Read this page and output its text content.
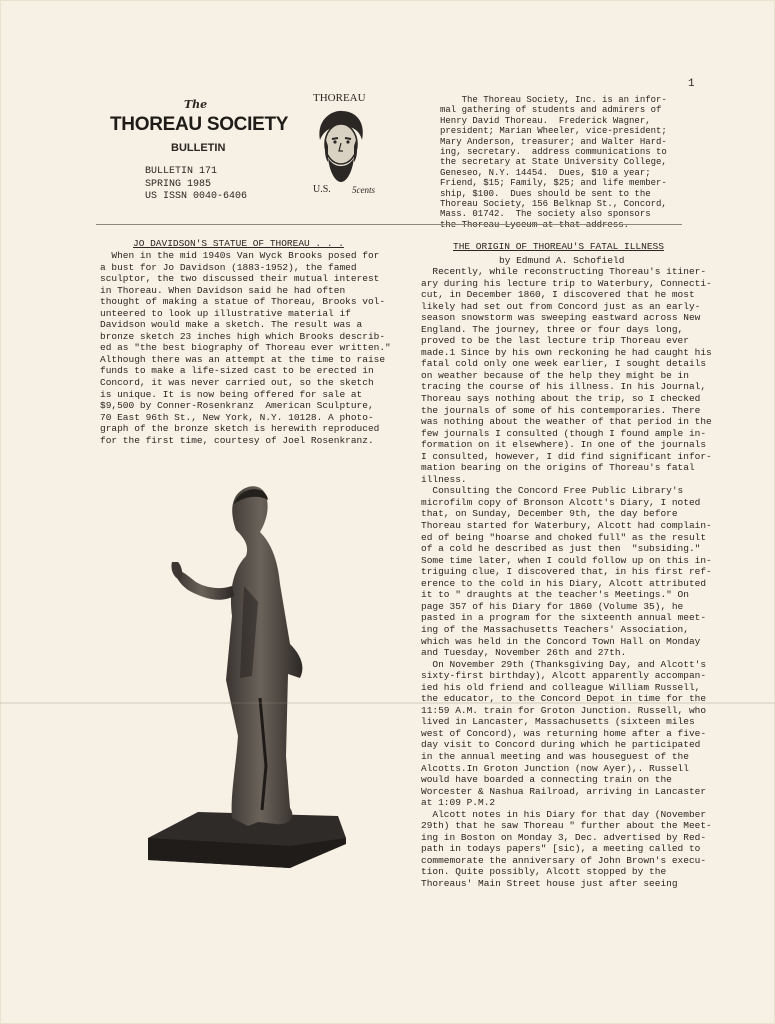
1
The
THOREAU SOCIETY
BULLETIN
BULLETIN 171
SPRING 1985
US ISSN 0040-6406
THOREAU
U.S. 5cents
The Thoreau Society, Inc. is an infor-
mal gathering of students and admirers of
Henry David Thoreau.  Frederick Wagner,
president; Marian Wheeler, vice-president;
Mary Anderson, treasurer; and Walter Hard-
ing, secretary.  address communications to
the secretary at State University College,
Geneseo, N.Y. 14454.  Dues, $10 a year;
Friend, $15; Family, $25; and life member-
ship, $100.  Dues should be sent to the
Thoreau Society, 156 Belknap St., Concord,
Mass. 01742.  The society also sponsors
JO DAVIDSON'S STATUE OF THOREAU . . .
When in the mid 1940s Van Wyck Brooks posed for
a bust for Jo Davidson (1883-1952), the famed
sculptor, the two discussed their mutual interest
in Thoreau. When Davidson said he had often
thought of making a statue of Thoreau, Brooks vol-
unteered to look up illustrative material if
Davidson would make a sketch. The result was a
bronze sketch 23 inches high which Brooks describ-
ed as "the best biography of Thoreau ever written."
Although there was an attempt at the time to raise
funds to make a life-sized cast to be erected in
Concord, it was never carried out, so the sketch
is unique. It is now being offered for sale at
$9,500 by Conner-Rosenkranz  American Sculpture,
70 East 96th St., New York, N.Y. 10128. A photo-
graph of the bronze sketch is herewith reproduced
for the first time, courtesy of Joel Rosenkranz.
THE ORIGIN OF THOREAU'S FATAL ILLNESS
by Edmund A. Schofield
Recently, while reconstructing Thoreau's itiner-
ary during his lecture trip to Waterbury, Connecti-
cut, in December 1860, I discovered that he most
likely had set out from Concord just as an early-
season snowstorm was sweeping eastward across New
England. The journey, three or four days long,
proved to be the last lecture trip Thoreau ever
made.1 Since by his own reckoning he had caught his
fatal cold only one week earlier, I sought details
on weather because of the help they might be in
tracing the course of his illness. In his Journal,
Thoreau says nothing about the trip, so I checked
the journals of some of his contemporaries. There
was nothing about the weather of that period in the
few journals I consulted (though I found ample in-
formation on it elsewhere). In one of the journals
I consulted, however, I did find significant infor-
mation bearing on the origins of Thoreau's fatal
illness.
Consulting the Concord Free Public Library's
microfilm copy of Bronson Alcott's Diary, I noted
that, on Sunday, December 9th, the day before
Thoreau started for Waterbury, Alcott had complain-
ed of being "hoarse and choked full" as the result
of a cold he described as just then  "subsiding."
Some time later, when I could follow up on this in-
triguing clue, I discovered that, in his first ref-
erence to the cold in his Diary, Alcott attributed
it to " draughts at the teacher's Meetings." On
page 357 of his Diary for 1860 (Volume 35), he
pasted in a program for the sixteenth annual meet-
ing of the Massachusetts Teachers' Association,
which was held in the Concord Town Hall on Monday
and Tuesday, November 26th and 27th.
On November 29th (Thanksgiving Day, and Alcott's
sixty-first birthday), Alcott apparently accompan-
ied his old friend and colleague William Russell,
the educator, to the Concord Depot in time for the
11:59 A.M. train for Groton Junction. Russell, who
lived in Lancaster, Massachusetts (sixteen miles
west of Concord), was returning home after a five-
day visit to Concord during which he participated
in the annual meeting and was houseguest of the
Alcotts.In Groton Junction (now Ayer),. Russell
would have boarded a connecting train on the
Worcester & Nashua Railroad, arriving in Lancaster
at 1:09 P.M.2
Alcott notes in his Diary for that day (November
29th) that he saw Thoreau " further about the Meet-
ing in Boston on Monday 3, Dec. advertised by Red-
path in todays papers" [sic), a meeting called to
commemorate the anniversary of John Brown's execu-
tion. Quite possibly, Alcott stopped by the
Thoreaus' Main Street house just after seeing
